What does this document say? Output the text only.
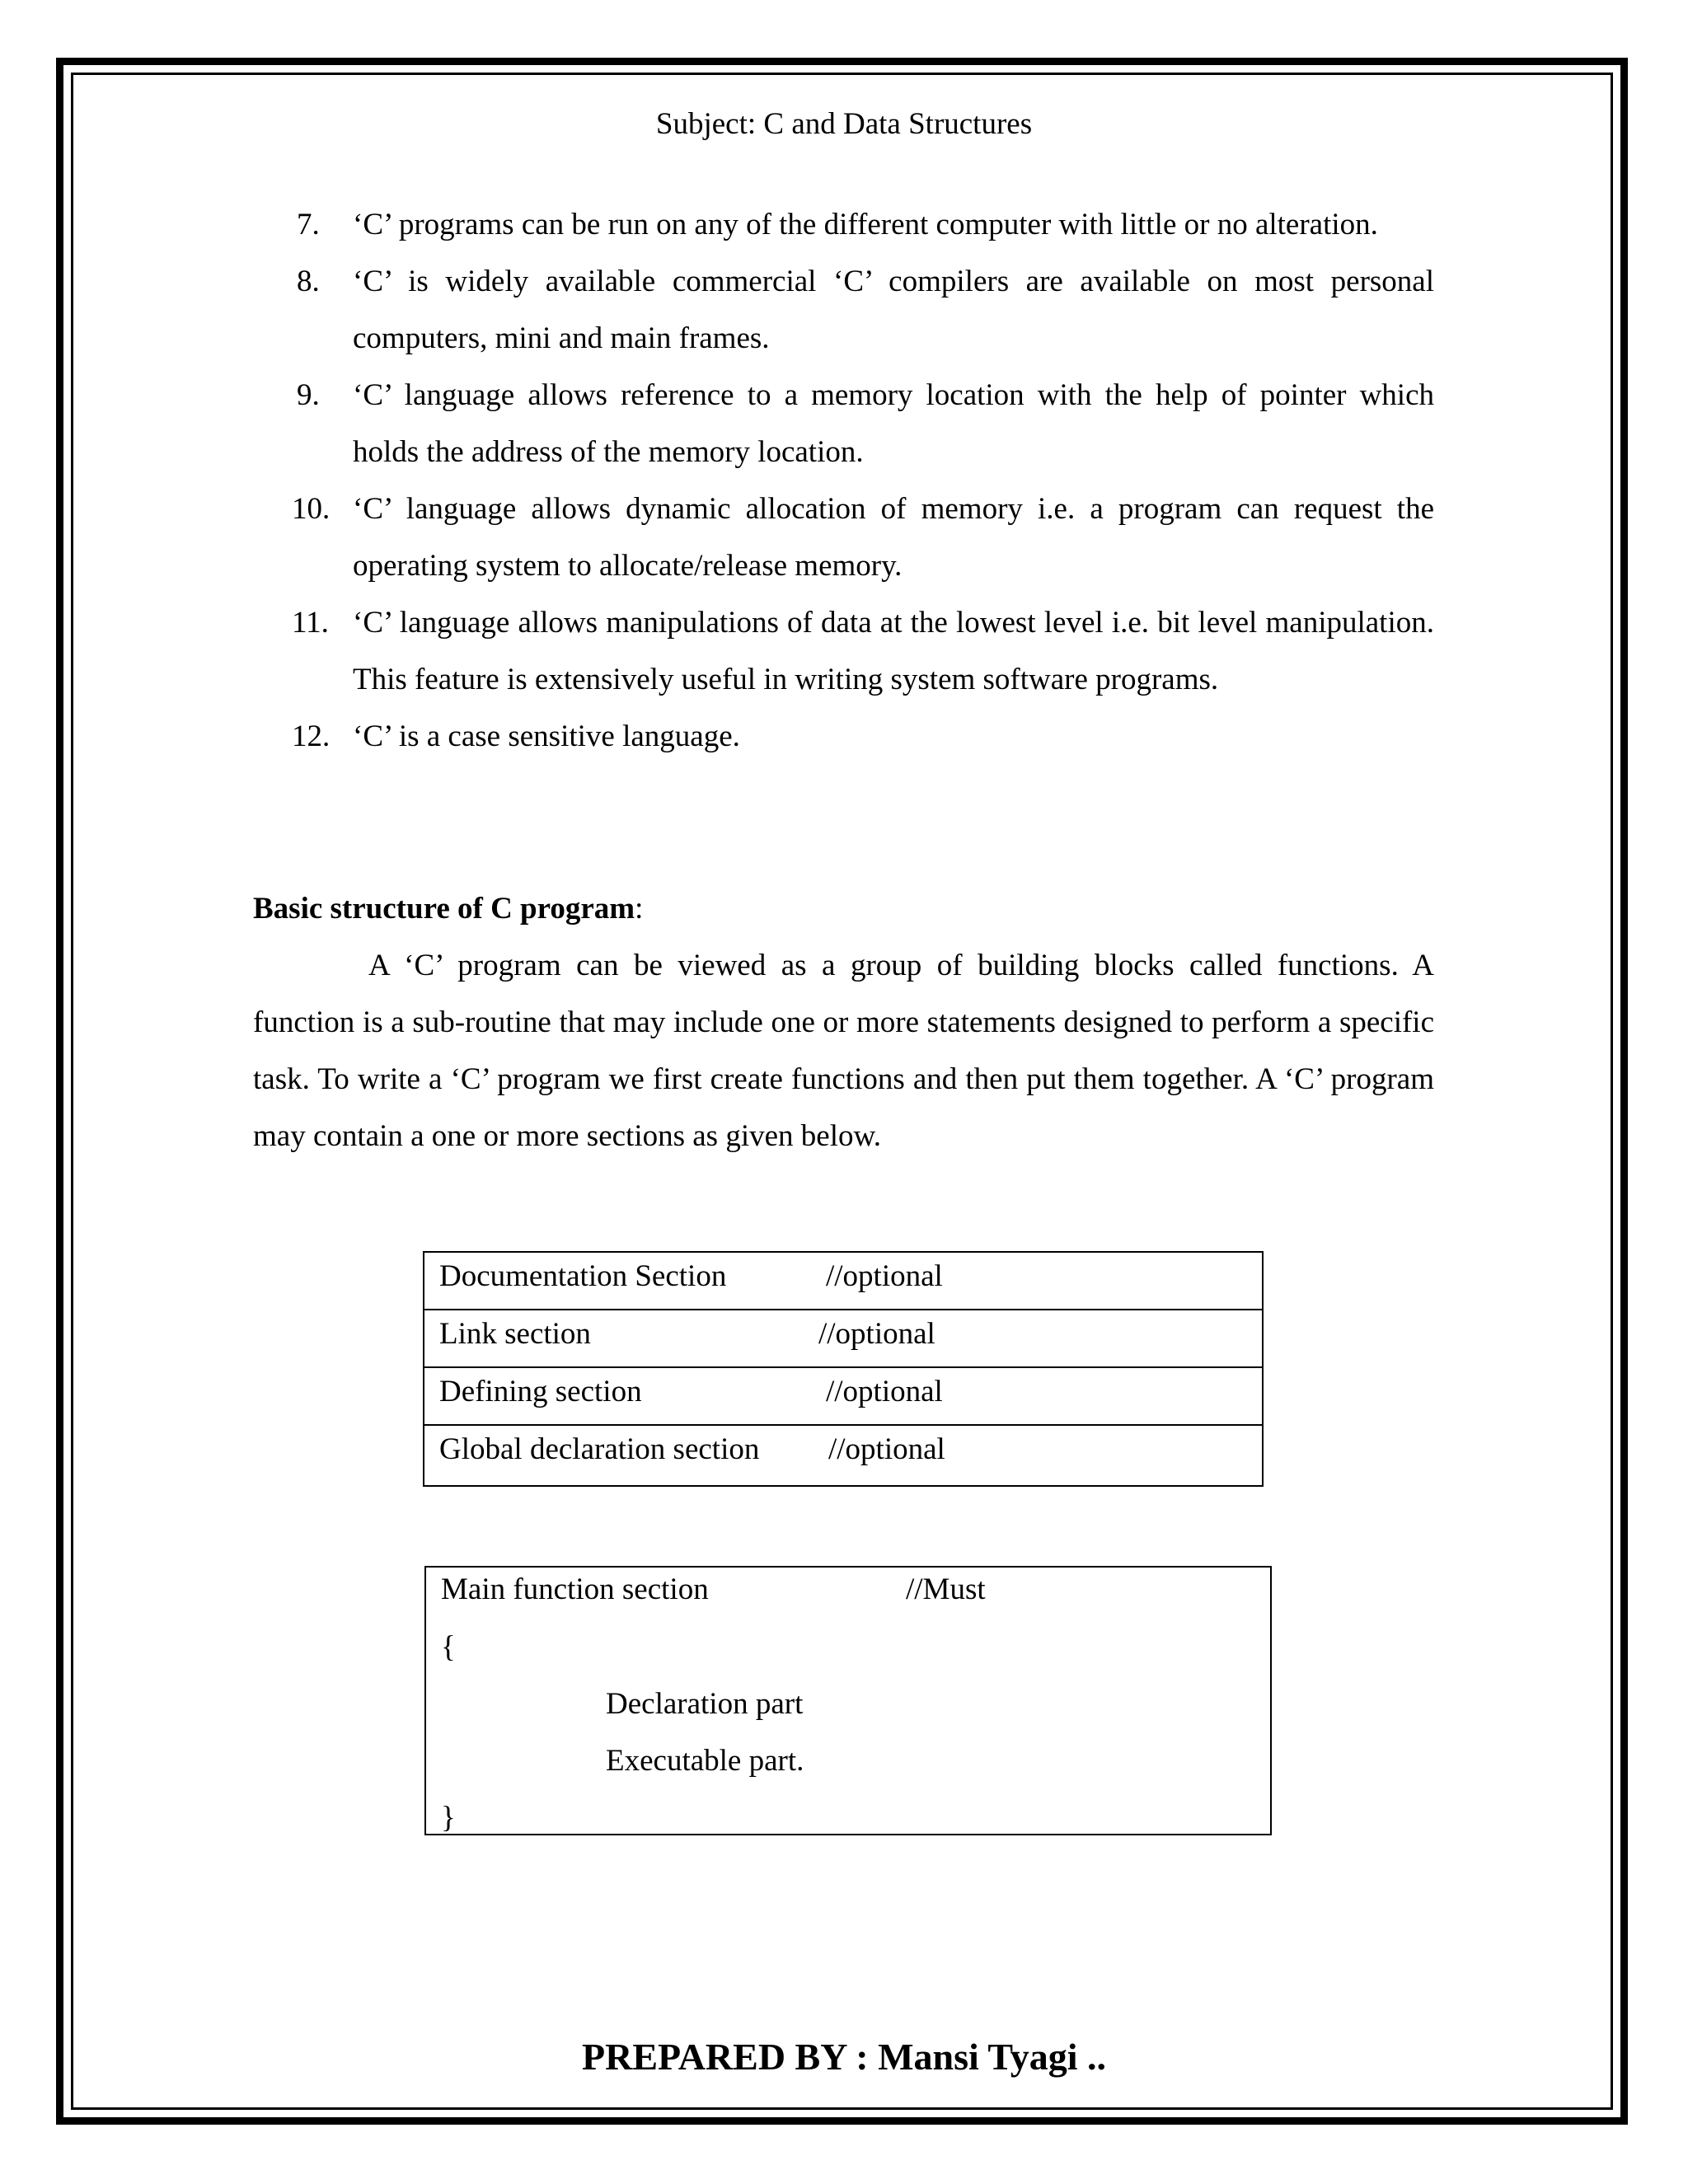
Subject: C and Data Structures
7.	‘C’ programs can be run on any of the different computer with little or no alteration.
8.	‘C’ is widely available commercial ‘C’ compilers are available on most personal computers, mini and main frames.
9.	‘C’ language allows reference to a memory location with the help of pointer which holds the address of the memory location.
10. ‘C’ language allows dynamic allocation of memory i.e. a program can request the operating system to allocate/release memory.
11. ‘C’ language allows manipulations of data at the lowest level i.e. bit level manipulation. This feature is extensively useful in writing system software programs.
12. ‘C’ is a case sensitive language.
Basic structure of C program:

A ‘C’ program can be viewed as a group of building blocks called functions. A function is a sub-routine that may include one or more statements designed to perform a specific task. To write a ‘C’ program we first create functions and then put them together. A ‘C’ program may contain a one or more sections as given below.

Documentation Section	//optional
Link section	//optional
Defining section	//optional
Global declaration section //optional
Main function section	//Must
{
Declaration part
Executable part.
}
PREPARED BY : Mansi Tyagi ..
